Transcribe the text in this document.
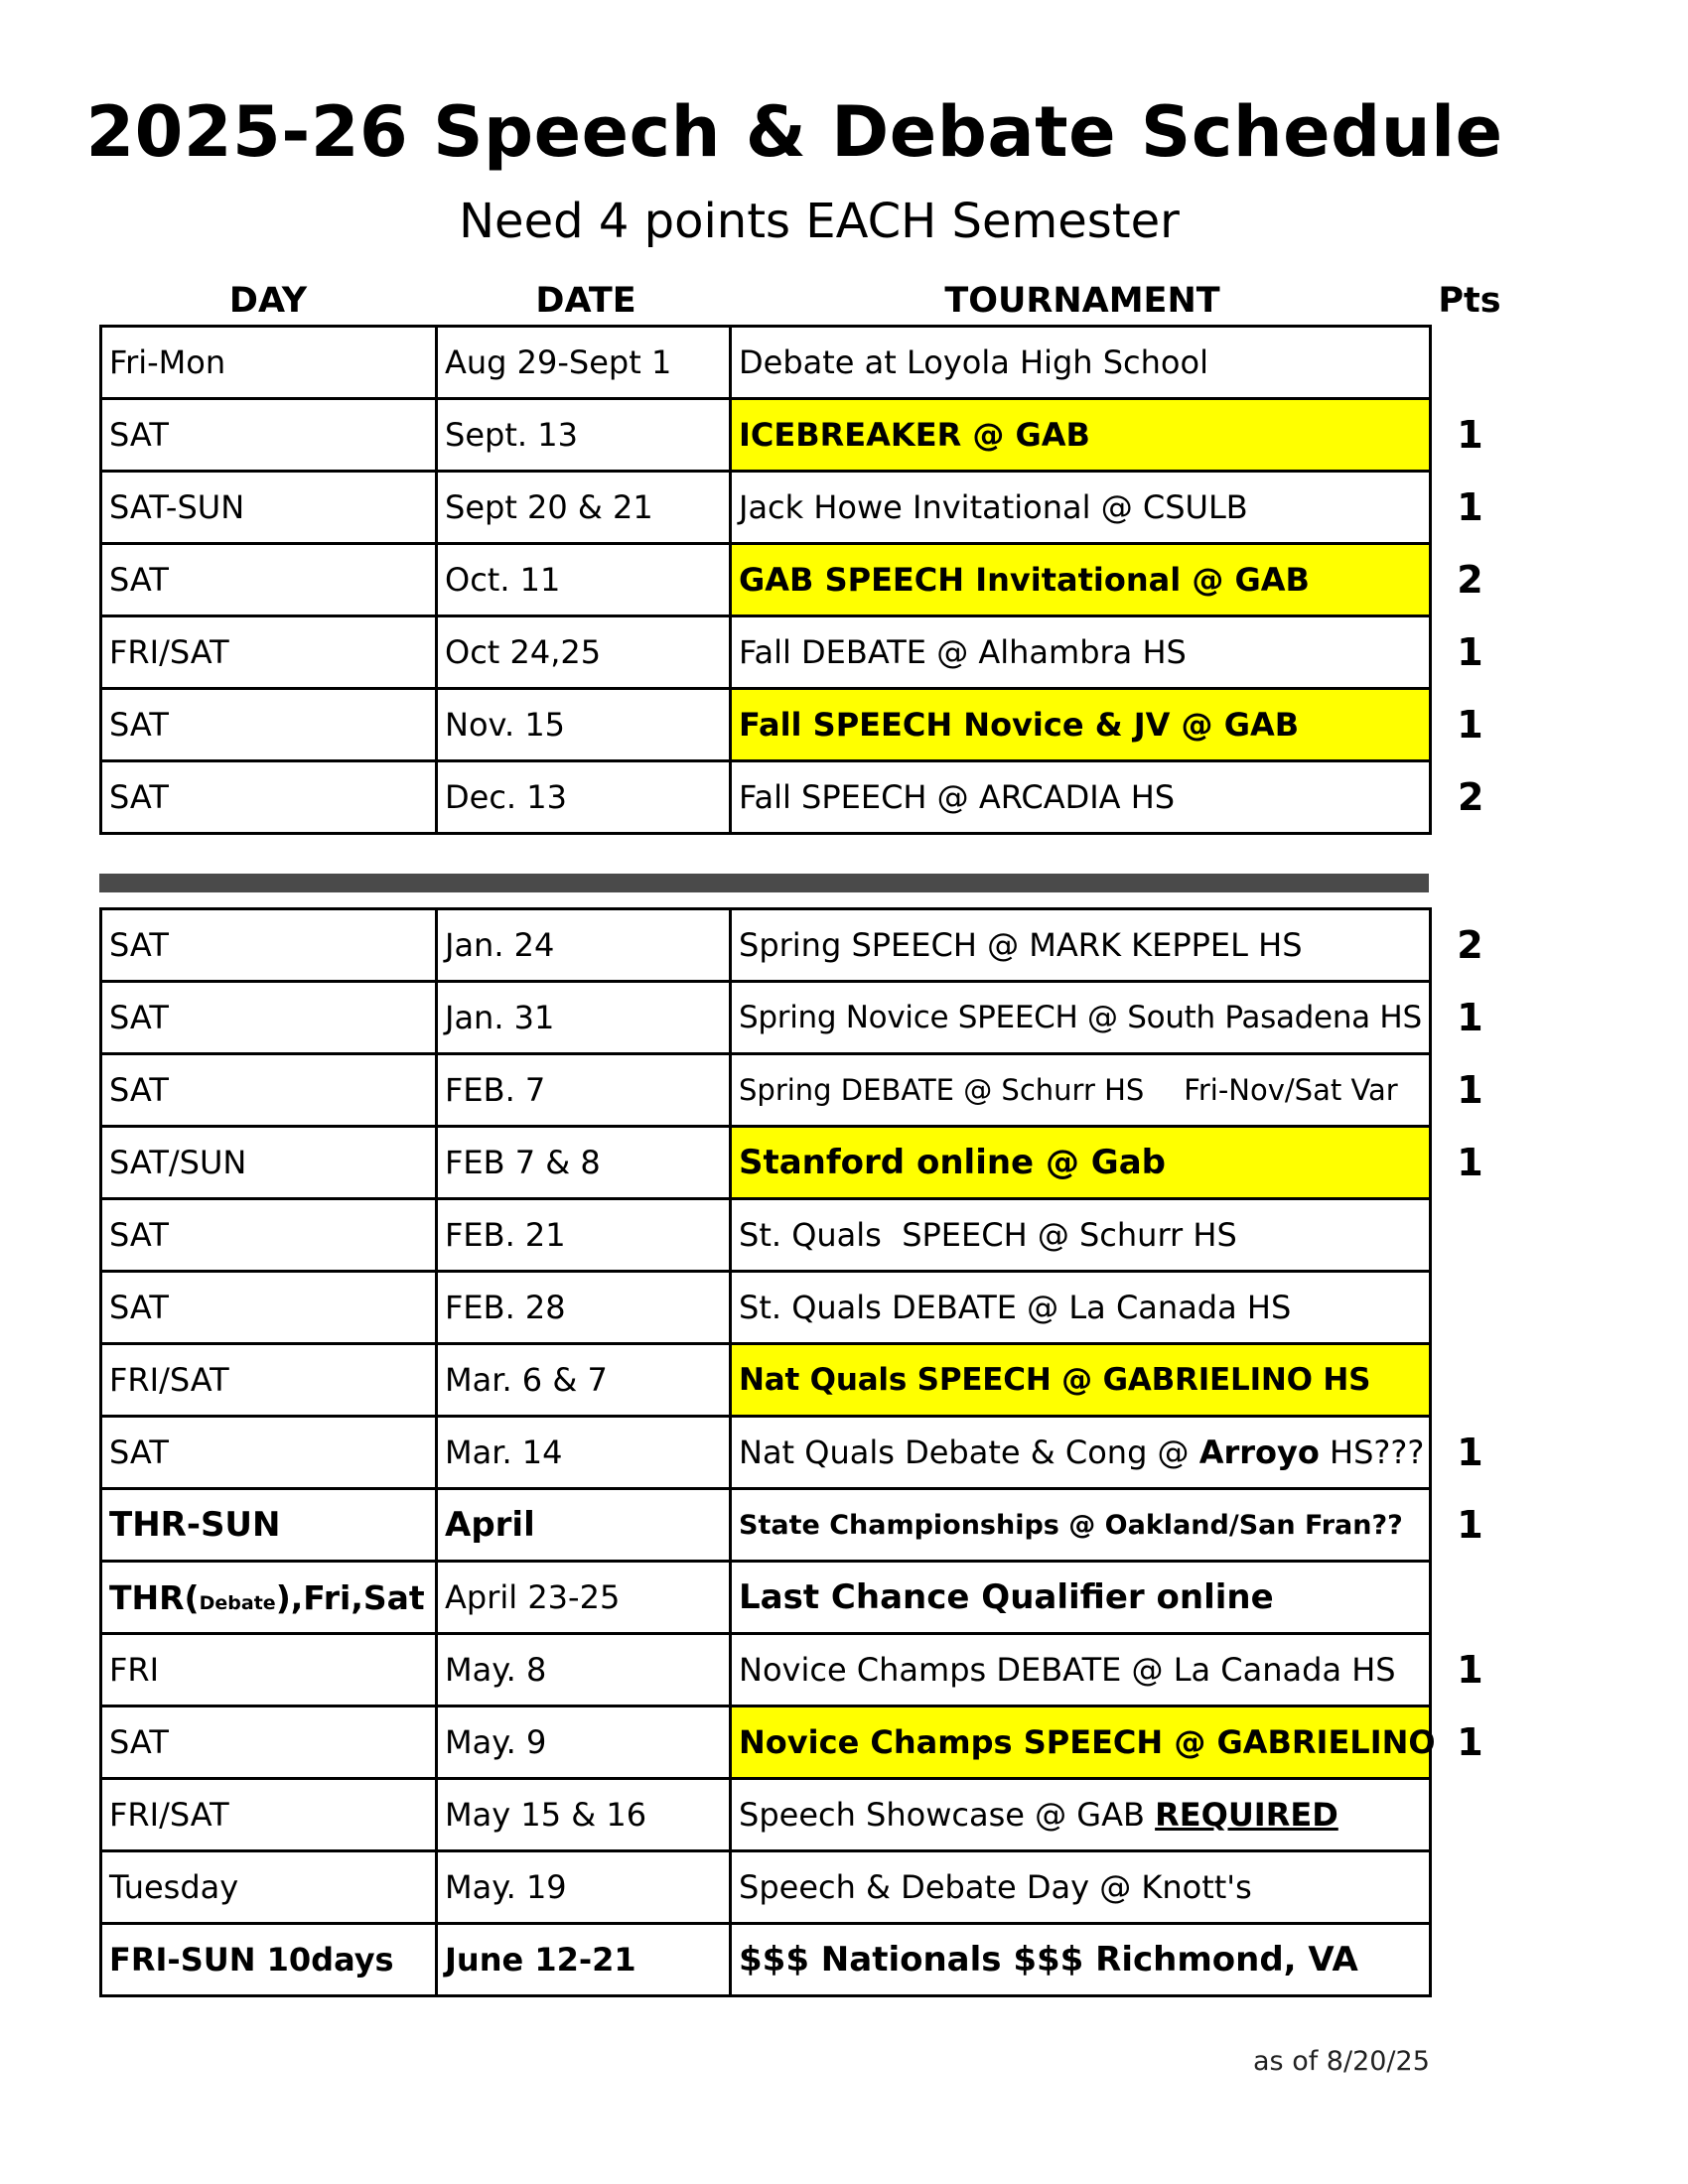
2025-26 Speech & Debate Schedule
Need 4 points EACH Semester
DAY	DATE	TOURNAMENT	Pts
Fri-Mon	Aug 29-Sept 1	Debate at Loyola High School	
SAT	Sept. 13	ICEBREAKER @ GAB	1
SAT-SUN	Sept 20 & 21	Jack Howe Invitational @ CSULB	1
SAT	Oct. 11	GAB SPEECH Invitational @ GAB	2
FRI/SAT	Oct 24,25	Fall DEBATE @ Alhambra HS	1
SAT	Nov. 15	Fall SPEECH Novice & JV @ GAB	1
SAT	Dec. 13	Fall SPEECH @ ARCADIA HS	2
SAT	Jan. 24	Spring SPEECH @ MARK KEPPEL HS	2
SAT	Jan. 31	Spring Novice SPEECH @ South Pasadena HS	1
SAT	FEB. 7	Spring DEBATE @ Schurr HS Fri-Nov/Sat Var	1
SAT/SUN	FEB 7 & 8	Stanford online @ Gab	1
SAT	FEB. 21	St. Quals  SPEECH @ Schurr HS	
SAT	FEB. 28	St. Quals DEBATE @ La Canada HS	
FRI/SAT	Mar. 6 & 7	Nat Quals SPEECH @ GABRIELINO HS	
SAT	Mar. 14	Nat Quals Debate & Cong @ Arroyo HS???	1
THR-SUN	April	State Championships @ Oakland/San Fran??	1
THR(Debate),Fri,Sat	April 23-25	Last Chance Qualifier online	
FRI	May. 8	Novice Champs DEBATE @ La Canada HS	1
SAT	May. 9	Novice Champs SPEECH @ GABRIELINO	1
FRI/SAT	May 15 & 16	Speech Showcase @ GAB REQUIRED	
Tuesday	May. 19	Speech & Debate Day @ Knott's	
FRI-SUN 10days	June 12-21	$$$ Nationals $$$ Richmond, VA	
as of 8/20/25
